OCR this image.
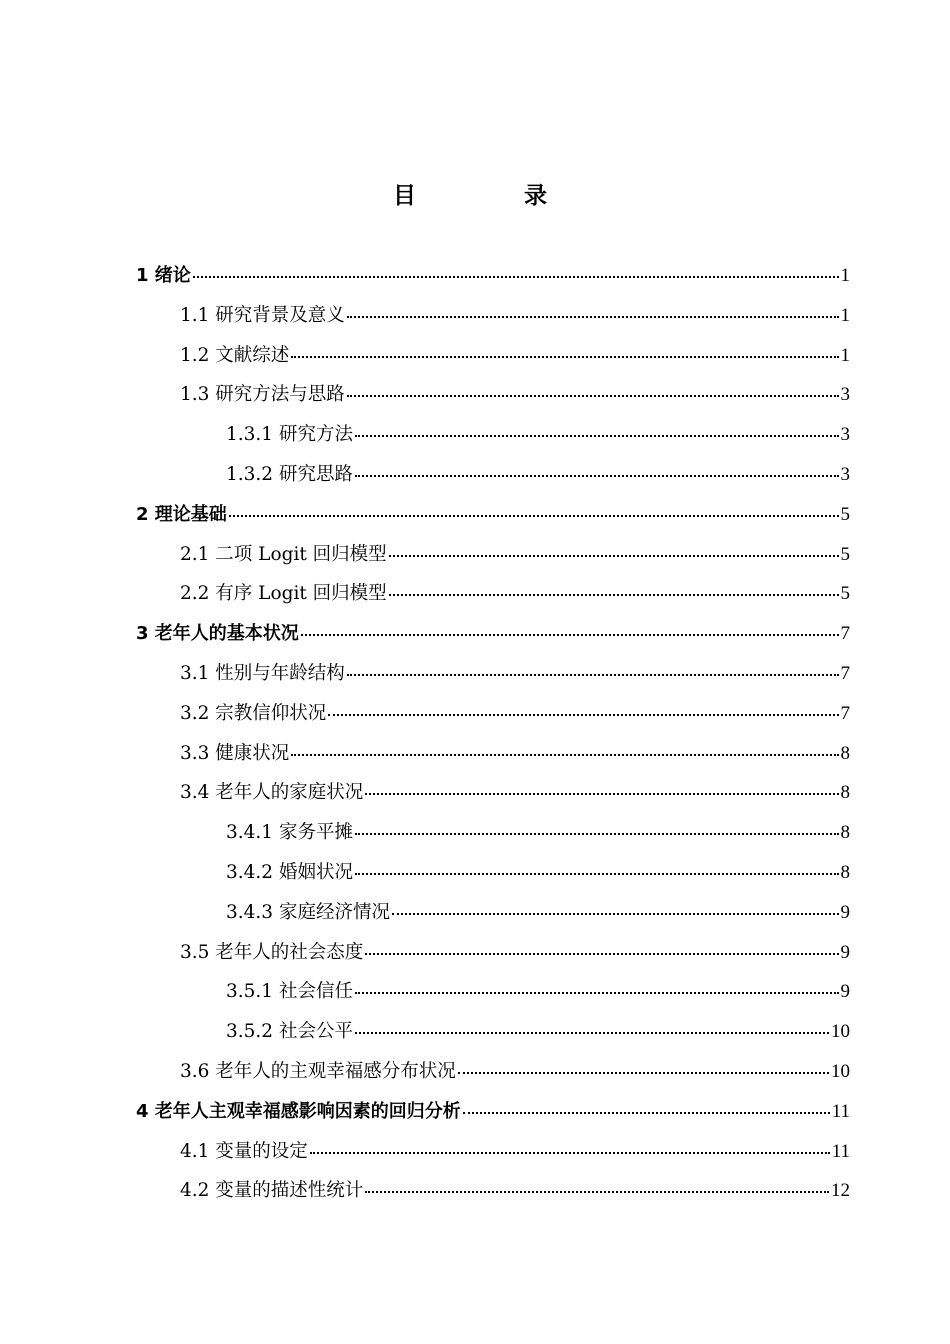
目 录
1 绪论	1
1.1 研究背景及意义	1
1.2 文献综述	1
1.3 研究方法与思路	3
1.3.1 研究方法	3
1.3.2 研究思路	3
2 理论基础	5
2.1 二项 Logit 回归模型	5
2.2 有序 Logit 回归模型	5
3 老年人的基本状况	7
3.1 性别与年龄结构	7
3.2 宗教信仰状况	7
3.3 健康状况	8
3.4 老年人的家庭状况	8
3.4.1 家务平摊	8
3.4.2 婚姻状况	8
3.4.3 家庭经济情况	9
3.5 老年人的社会态度	9
3.5.1 社会信任	9
3.5.2 社会公平	10
3.6 老年人的主观幸福感分布状况	10
4 老年人主观幸福感影响因素的回归分析	11
4.1 变量的设定	11
4.2 变量的描述性统计	12
